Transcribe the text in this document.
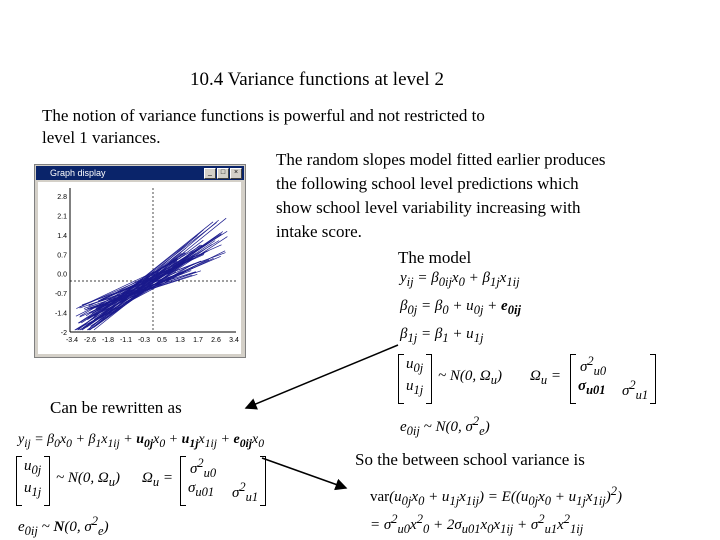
10.4 Variance functions at level 2
The notion of variance functions is powerful and not restricted to
level 1 variances.
The random slopes model fitted earlier produces
the following school level predictions which
show school level variability increasing with
intake score.
The model
Graph display	_	□	×
2.8
2.1
1.4
0.7
0.0
-0.7
-1.4
-2
-3.4 -2.6 -1.8 -1.1 -0.3 0.5 1.3 1.7 2.6 3.4
$y_{ij} = \beta_{0ij}x_0 + \beta_{1j}x_{1ij}$
$\beta_{0j} = \beta_0 + u_{0j} + e_{0ij}$
$\beta_{1j} = \beta_1 + u_{1j}$
$u_{0j}$
$u_{1j}$
~ N(0, $\Omega_u$) $\Omega_u$ =
$\sigma^2_{u0}$
$\sigma_{u01}$ $\sigma^2_{u1}$
$e_{0ij}$ ~ N(0, $\sigma^2_e$)
Can be rewritten as
$y_{ij} = \beta_0x_0 + \beta_1x_{1ij} + u_{0j}x_0 + u_{1j}x_{1ij} + e_{0ij}x_0$
$u_{0j}$
$u_{1j}$
~ N(0, $\Omega_u$) $\Omega_u$ =
$\sigma^2_{u0}$
$\sigma_{u01}$ $\sigma^2_{u1}$
$e_{0ij}$ ~ N(0, $\sigma^2_e$)
So the between school variance is
$var(u_{0j}x_0 + u_{1j}x_{1ij}) = E((u_{0j}x_0 + u_{1j}x_{1ij})^2)$
= $\sigma^2_{u0}x^2_0 + 2\sigma_{u01}x_0x_{1ij} + \sigma^2_{u1}x^2_{1ij}$
